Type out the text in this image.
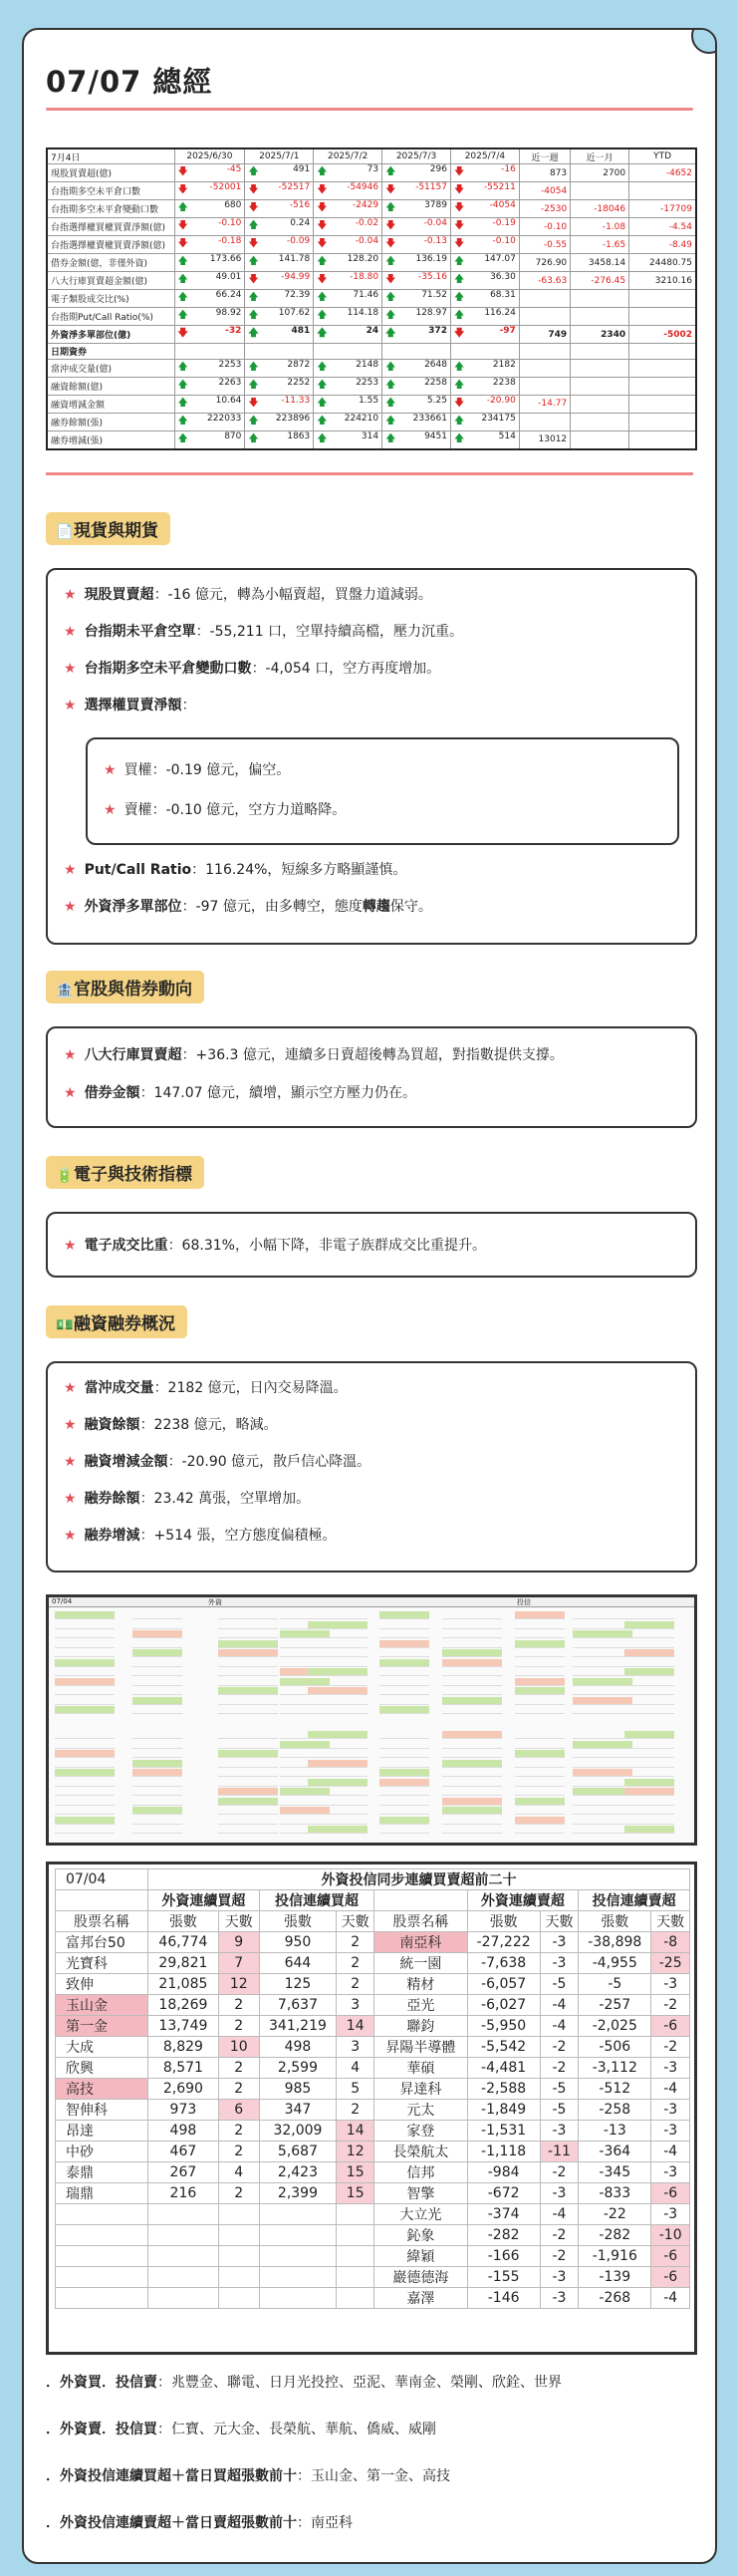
07/07 總經
7月4日	2025/6/30	2025/7/1	2025/7/2	2025/7/3	2025/7/4	近一週	近一月	YTD
現股買賣超(億)	🡇 -45	🡅 491	🡅 73	🡅 296	🡇 -16	873	2700	-4652
台指期多空未平倉口數	🡇 -52001	🡇 -52517	🡇 -54946	🡇 -51157	🡇 -55211	-4054		
台指期多空未平倉變動口數	🡅 680	🡇 -516	🡇 -2429	🡅 3789	🡇 -4054	-2530	-18046	-17709
台指選擇權買權買賣淨額(億)	🡇 -0.10	🡅 0.24	🡇 -0.02	🡇 -0.04	🡇 -0.19	-0.10	-1.08	-4.54
台指選擇權賣權買賣淨額(億)	🡇 -0.18	🡇 -0.09	🡇 -0.04	🡇 -0.13	🡇 -0.10	-0.55	-1.65	-8.49
借券金額(億，非僅外資)	🡅 173.66	🡅 141.78	🡅 128.20	🡅 136.19	🡅 147.07	726.90	3458.14	24480.75
八大行庫買賣超金額(億)	🡅 49.01	🡇 -94.99	🡇 -18.80	🡇 -35.16	🡅 36.30	-63.63	-276.45	3210.16
電子類股成交比(%)	🡅 66.24	🡅 72.39	🡅 71.46	🡅 71.52	🡅 68.31			
台指期Put/Call Ratio(%)	🡅 98.92	🡅 107.62	🡅 114.18	🡅 128.97	🡅 116.24			
外資淨多單部位(億)	🡇 -32	🡅 481	🡅 24	🡅 372	🡇 -97	749	2340	-5002
日期資券								
當沖成交量(億)	🡅 2253	🡅 2872	🡅 2148	🡅 2648	🡅 2182			
融資餘額(億)	🡅 2263	🡅 2252	🡅 2253	🡅 2258	🡅 2238			
融資增減金額	🡅 10.64	🡇 -11.33	🡅 1.55	🡅 5.25	🡇 -20.90	-14.77		
融券餘額(張)	🡅 222033	🡅 223896	🡅 224210	🡅 233661	🡅 234175			
融券增減(張)	🡅 870	🡅 1863	🡅 314	🡅 9451	🡅 514	13012		
📄現貨與期貨
★ 現股買賣超：-16 億元，轉為小幅賣超，買盤力道減弱。
★ 台指期未平倉空單：-55,211 口，空單持續高檔，壓力沉重。
★ 台指期多空未平倉變動口數：-4,054 口，空方再度增加。
★ 選擇權買賣淨額：
★ 買權：-0.19 億元，偏空。
★ 賣權：-0.10 億元，空方力道略降。
★ Put/Call Ratio：116.24%，短線多方略顯謹慎。
★ 外資淨多單部位：-97 億元，由多轉空，態度轉趨保守。
🏦官股與借券動向
★ 八大行庫買賣超：+36.3 億元，連續多日賣超後轉為買超，對指數提供支撐。
★ 借券金額：147.07 億元，續增，顯示空方壓力仍在。
🔋電子與技術指標
★ 電子成交比重：68.31%，小幅下降，非電子族群成交比重提升。
💵融資融券概況
★ 當沖成交量：2182 億元，日內交易降溫。
★ 融資餘額：2238 億元，略減。
★ 融資增減金額：-20.90 億元，散戶信心降溫。
★ 融券餘額：23.42 萬張，空單增加。
★ 融券增減：+514 張，空方態度偏積極。
07/04	外資	投信
07/04	外資投信同步連續買賣超前二十								
	外資連續買超		投信連續買超			外資連續賣超		投信連續賣超	
股票名稱	張數	天數	張數	天數	股票名稱	張數	天數	張數	天數
富邦台50	46,774	9	950	2	南亞科	-27,222	-3	-38,898	-8
光寶科	29,821	7	644	2	統一園	-7,638	-3	-4,955	-25
致伸	21,085	12	125	2	精材	-6,057	-5	-5	-3
玉山金	18,269	2	7,637	3	亞光	-6,027	-4	-257	-2
第一金	13,749	2	341,219	14	聯鈞	-5,950	-4	-2,025	-6
大成	8,829	10	498	3	昇陽半導體	-5,542	-2	-506	-2
欣興	8,571	2	2,599	4	華碩	-4,481	-2	-3,112	-3
高技	2,690	2	985	5	昇達科	-2,588	-5	-512	-4
智伸科	973	6	347	2	元太	-1,849	-5	-258	-3
昂達	498	2	32,009	14	家登	-1,531	-3	-13	-3
中砂	467	2	5,687	12	長榮航太	-1,118	-11	-364	-4
泰鼎	267	4	2,423	15	信邦	-984	-2	-345	-3
瑞鼎	216	2	2,399	15	智擎	-672	-3	-833	-6
					大立光	-374	-4	-22	-3
					鈊象	-282	-2	-282	-10
					緯穎	-166	-2	-1,916	-6
					巖德德海	-155	-3	-139	-6
					嘉澤	-146	-3	-268	-4
．外資買．投信賣：兆豐金、聯電、日月光投控、亞泥、華南金、榮剛、欣銓、世界
．外資賣．投信買：仁寶、元大金、長榮航、華航、僑威、威剛
．外資投信連續買超＋當日買超張數前十：玉山金、第一金、高技
．外資投信連續賣超＋當日賣超張數前十：南亞科
